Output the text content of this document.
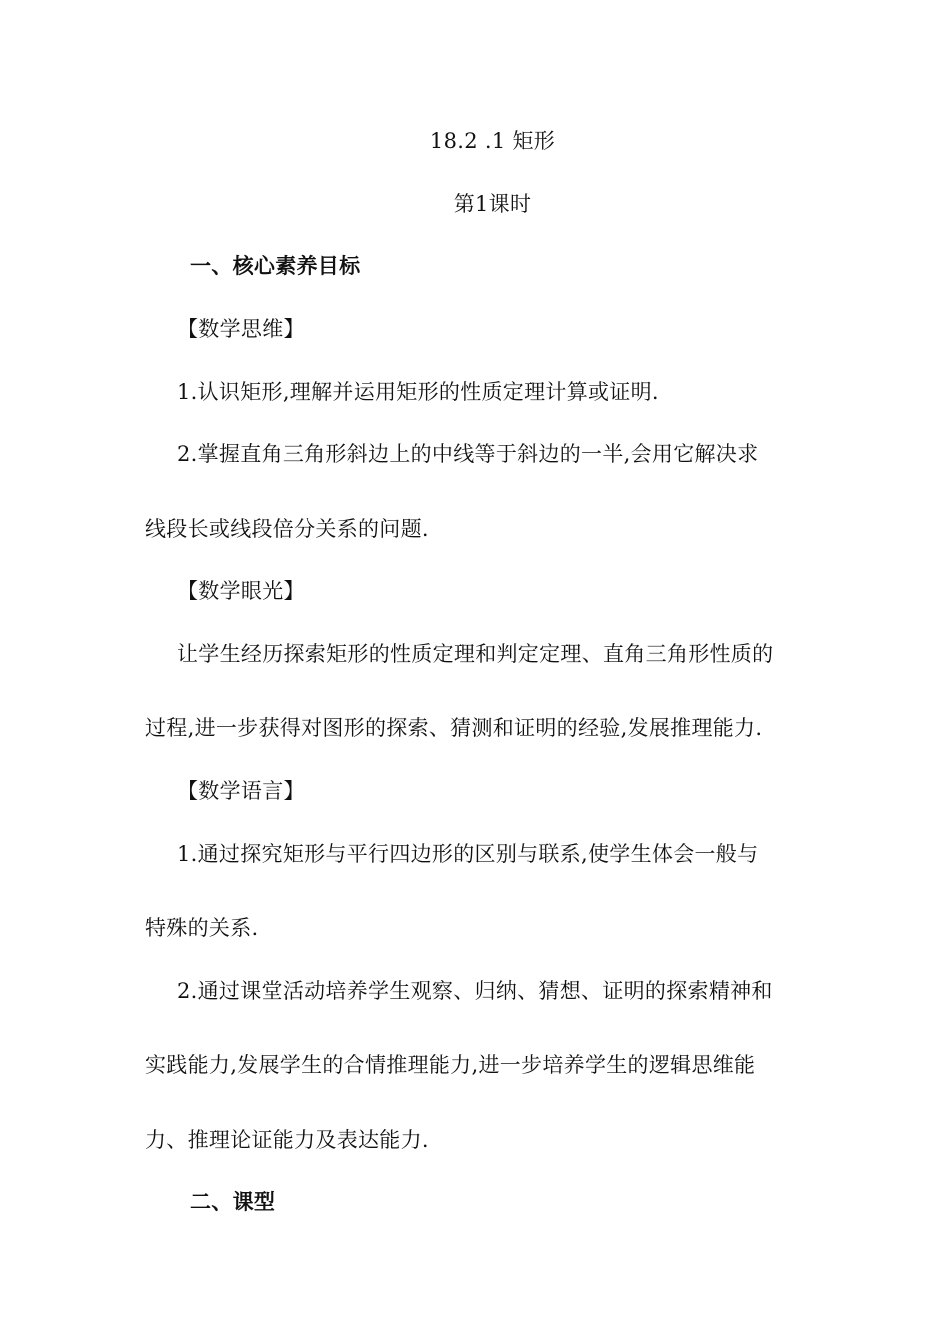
18.2 .1 矩形
第1课时
一、核心素养目标
【数学思维】
1.认识矩形,理解并运用矩形的性质定理计算或证明.
2.掌握直角三角形斜边上的中线等于斜边的一半,会用它解决求
线段长或线段倍分关系的问题.
【数学眼光】
让学生经历探索矩形的性质定理和判定定理、直角三角形性质的
过程,进一步获得对图形的探索、猜测和证明的经验,发展推理能力.
【数学语言】
1.通过探究矩形与平行四边形的区别与联系,使学生体会一般与
特殊的关系.
2.通过课堂活动培养学生观察、归纳、猜想、证明的探索精神和
实践能力,发展学生的合情推理能力,进一步培养学生的逻辑思维能
力、推理论证能力及表达能力.
二、课型
